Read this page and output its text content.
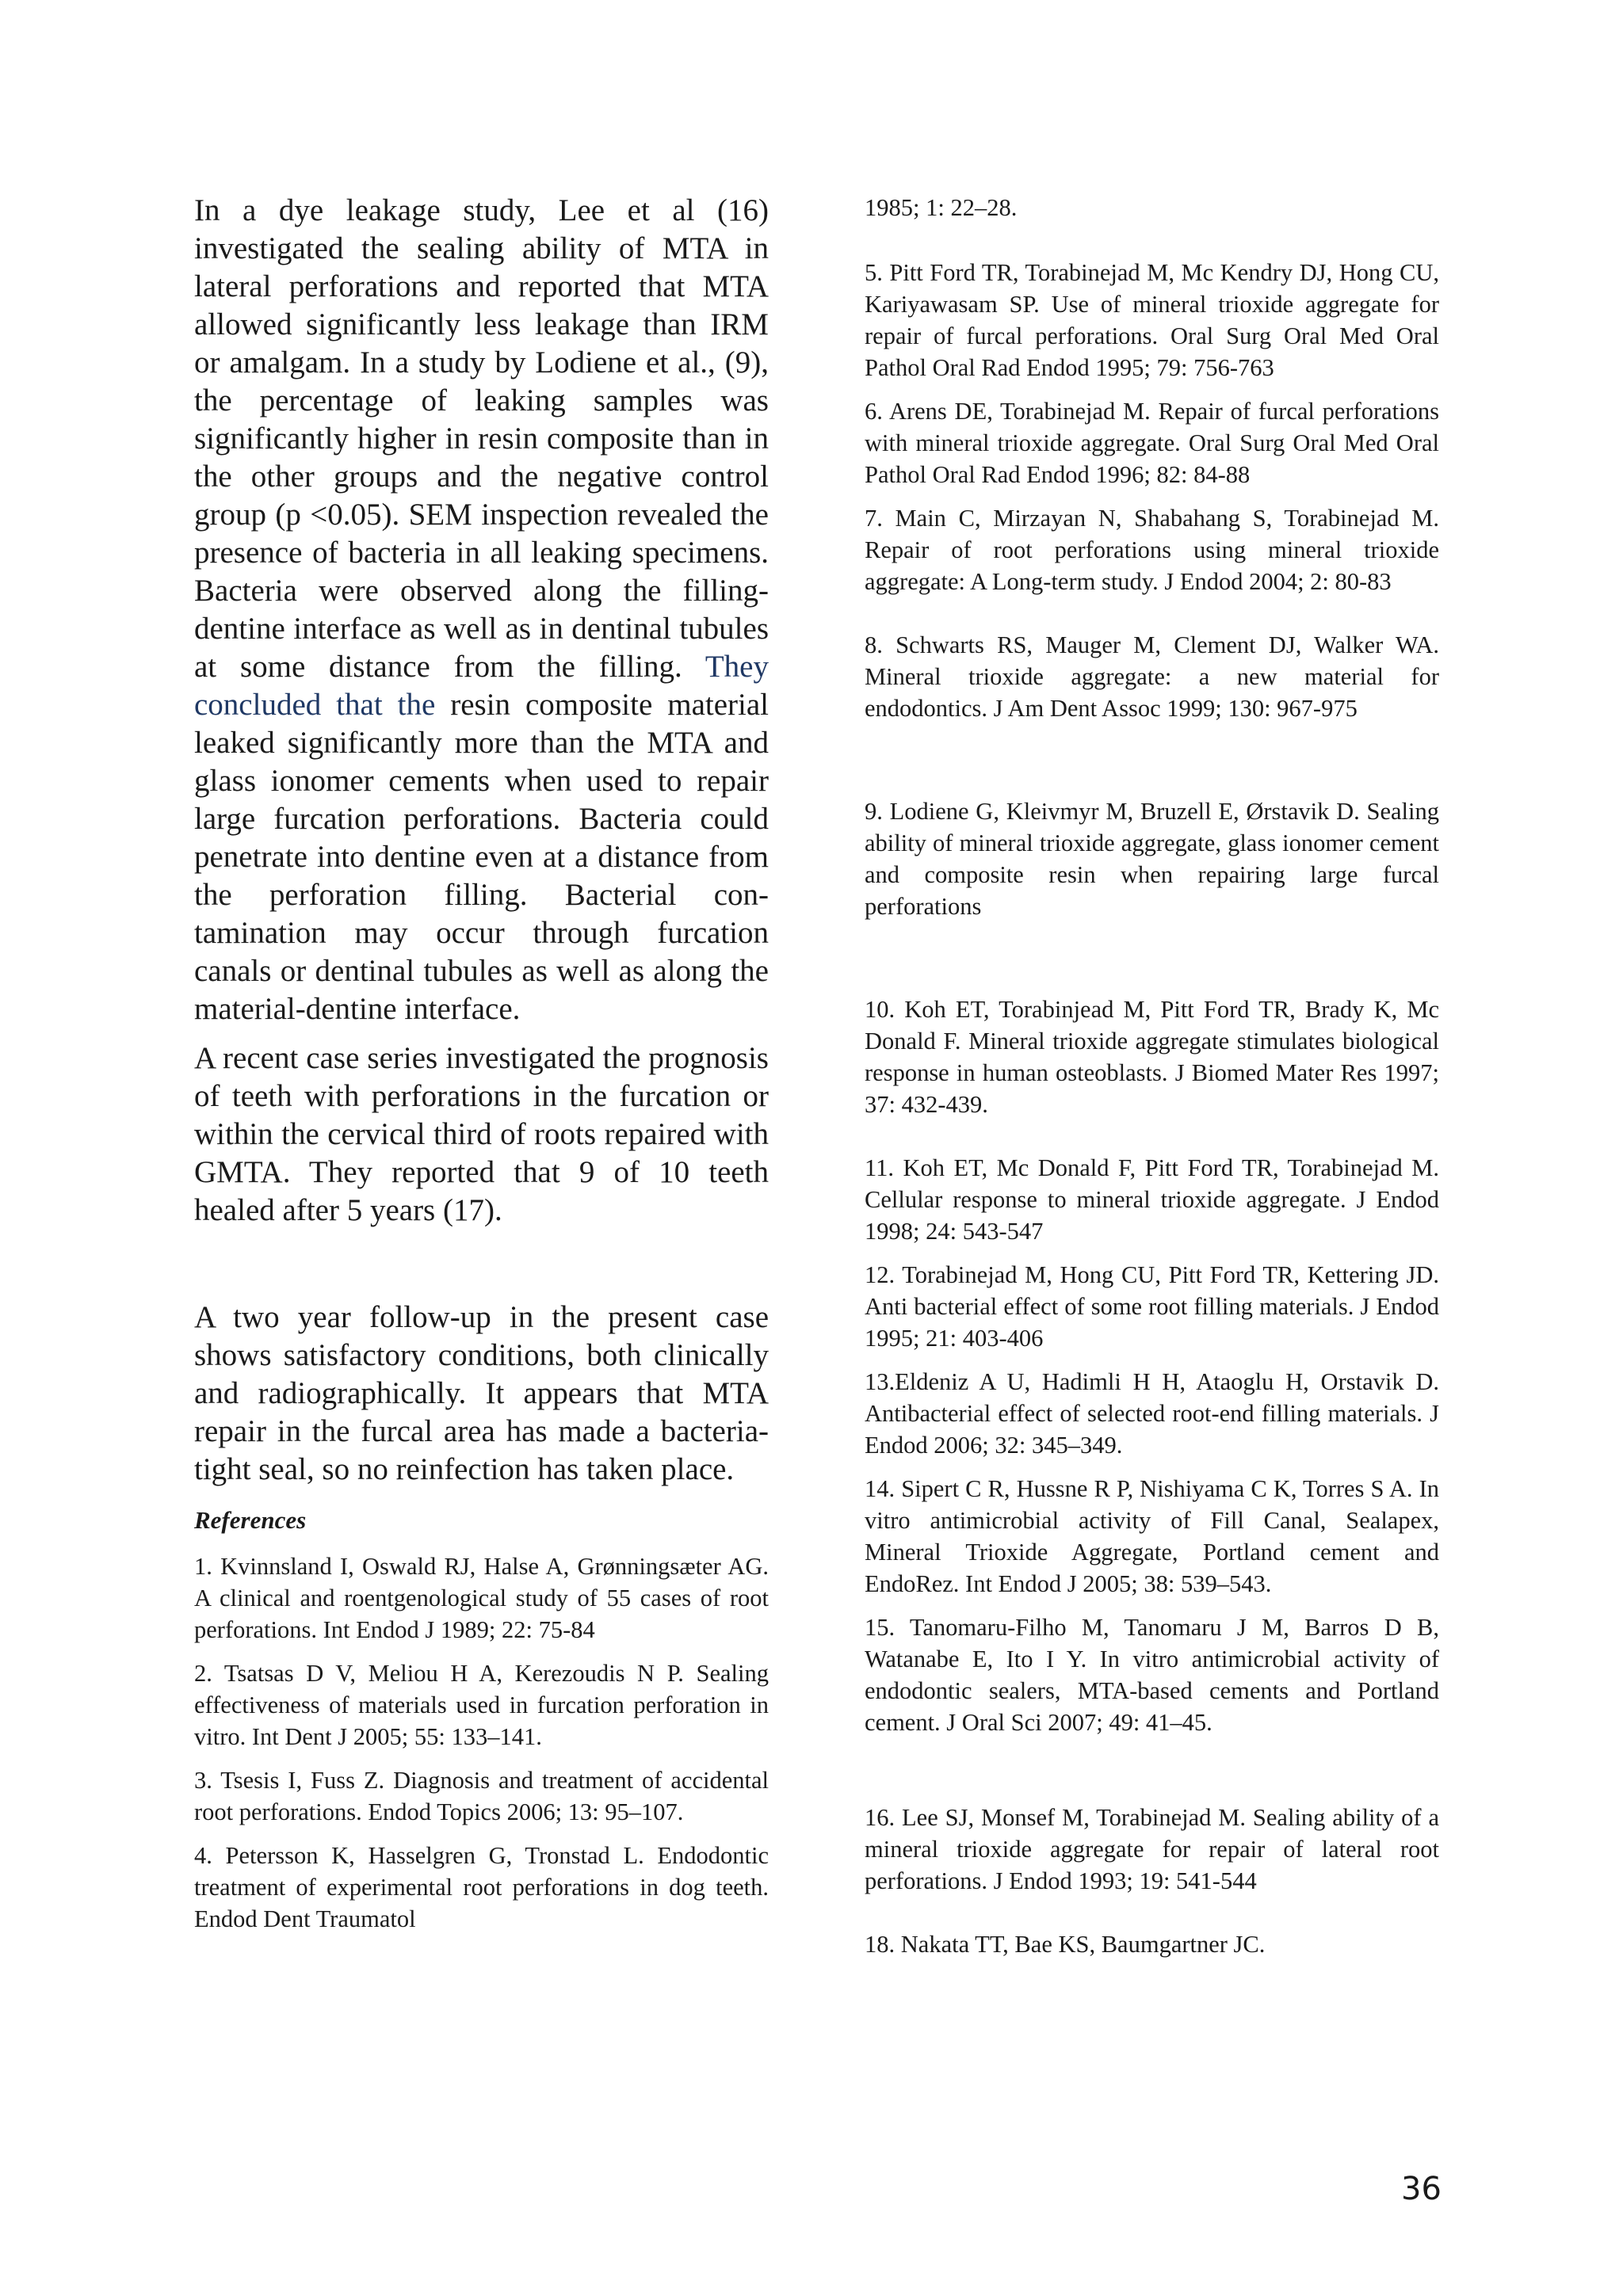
In a dye leakage study, Lee et al (16) investigated the sealing ability of MTA in lateral perforations and reported that MTA allowed significantly less leakage than IRM or amalgam. In a study by Lodiene et al., (9), the percentage of leaking samples was significantly higher in resin composite than in the other groups and the negative control group (p <0.05). SEM inspection revealed the presence of bacteria in all leaking specimens. Bacteria were observed along the filling-dentine interface as well as in dentinal tubules at some distance from the filling. They concluded that the resin composite material leaked significantly more than the MTA and glass ionomer cements when used to repair large furcation perforations. Bacteria could penetrate into dentine even at a distance from the perforation filling. Bacterial con-tamination may occur through furcation canals or dentinal tubules as well as along the material-dentine interface.

A recent case series investigated the prognosis of teeth with perforations in the furcation or within the cervical third of roots repaired with GMTA. They reported that 9 of 10 teeth healed after 5 years (17).

A two year follow-up in the present case shows satisfactory conditions, both clinically and radiographically. It appears that MTA repair in the furcal area has made a bacteria-tight seal, so no reinfection has taken place.

References

1. Kvinnsland I, Oswald RJ, Halse A, Grønningsæter AG. A clinical and roentgenological study of 55 cases of root perforations. Int Endod J 1989; 22: 75-84

2. Tsatsas D V, Meliou H A, Kerezoudis N P. Sealing effectiveness of materials used in furcation perforation in vitro. Int Dent J 2005; 55: 133–141.

3. Tsesis I, Fuss Z. Diagnosis and treatment of accidental root perforations. Endod Topics 2006; 13: 95–107.

4. Petersson K, Hasselgren G, Tronstad L. Endodontic treatment of experimental root perforations in dog teeth. Endod Dent Traumatol

1985; 1: 22–28.

5. Pitt Ford TR, Torabinejad M, Mc Kendry DJ, Hong CU, Kariyawasam SP. Use of mineral trioxide aggregate for repair of furcal perforations. Oral Surg Oral Med Oral Pathol Oral Rad Endod 1995; 79: 756-763

6. Arens DE, Torabinejad M. Repair of furcal perforations with mineral trioxide aggregate. Oral Surg Oral Med Oral Pathol Oral Rad Endod 1996; 82: 84-88

7. Main C, Mirzayan N, Shabahang S, Torabinejad M. Repair of root perforations using mineral trioxide aggregate: A Long-term study. J Endod 2004; 2: 80-83

8. Schwarts RS, Mauger M, Clement DJ, Walker WA. Mineral trioxide aggregate: a new material for endodontics. J Am Dent Assoc 1999; 130: 967-975

9. Lodiene G, Kleivmyr M, Bruzell E, Ørstavik D. Sealing ability of mineral trioxide aggregate, glass ionomer cement and composite resin when repairing large furcal perforations

10. Koh ET, Torabinjead M, Pitt Ford TR, Brady K, Mc Donald F. Mineral trioxide aggregate stimulates biological response in human osteoblasts. J Biomed Mater Res 1997; 37: 432-439.

11. Koh ET, Mc Donald F, Pitt Ford TR, Torabinejad M. Cellular response to mineral trioxide aggregate. J Endod 1998; 24: 543-547

12. Torabinejad M, Hong CU, Pitt Ford TR, Kettering JD. Anti bacterial effect of some root filling materials. J Endod 1995; 21: 403-406

13.Eldeniz A U, Hadimli H H, Ataoglu H, Orstavik D. Antibacterial effect of selected root-end filling materials. J Endod 2006; 32: 345–349.

14. Sipert C R, Hussne R P, Nishiyama C K, Torres S A. In vitro antimicrobial activity of Fill Canal, Sealapex, Mineral Trioxide Aggregate, Portland cement and EndoRez. Int Endod J 2005; 38: 539–543.

15. Tanomaru-Filho M, Tanomaru J M, Barros D B, Watanabe E, Ito I Y. In vitro antimicrobial activity of endodontic sealers, MTA-based cements and Portland cement. J Oral Sci 2007; 49: 41–45.

16. Lee SJ, Monsef M, Torabinejad M. Sealing ability of a mineral trioxide aggregate for repair of lateral root perforations. J Endod 1993; 19: 541-544

18. Nakata TT, Bae KS, Baumgartner JC.

36
